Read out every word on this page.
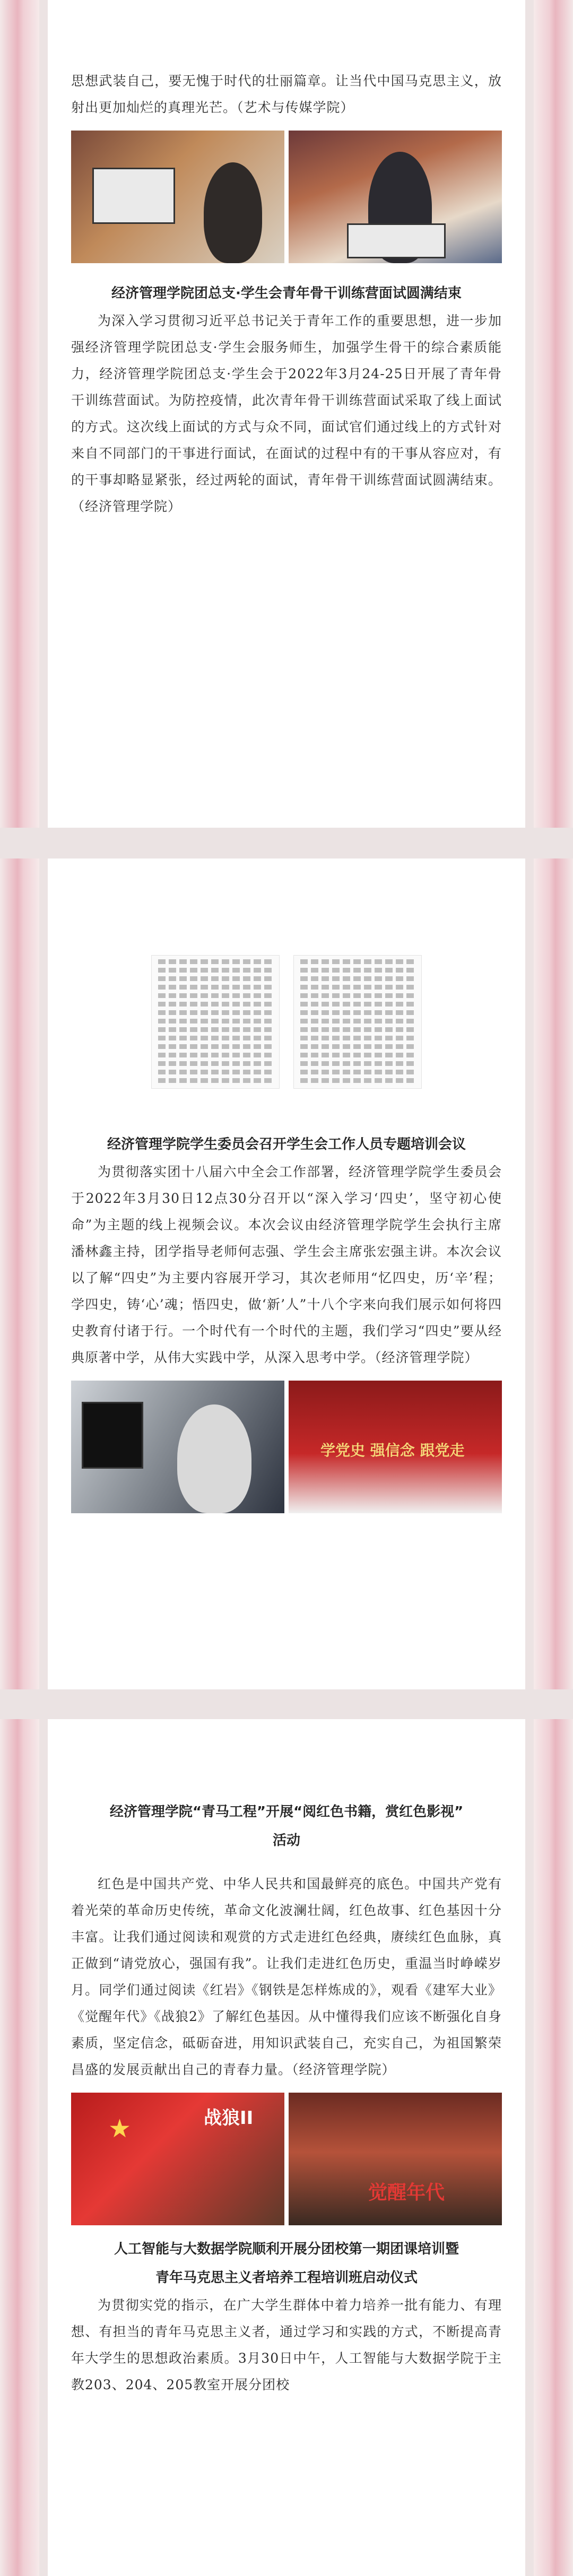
思想武装自己，要无愧于时代的壮丽篇章。让当代中国马克思主义，放射出更加灿烂的真理光芒。（艺术与传媒学院）

经济管理学院团总支·学生会青年骨干训练营面试圆满结束

为深入学习贯彻习近平总书记关于青年工作的重要思想，进一步加强经济管理学院团总支·学生会服务师生，加强学生骨干的综合素质能力，经济管理学院团总支·学生会于2022年3月24-25日开展了青年骨干训练营面试。为防控疫情，此次青年骨干训练营面试采取了线上面试的方式。这次线上面试的方式与众不同，面试官们通过线上的方式针对来自不同部门的干事进行面试，在面试的过程中有的干事从容应对，有的干事却略显紧张，经过两轮的面试，青年骨干训练营面试圆满结束。（经济管理学院）

经济管理学院学生委员会召开学生会工作人员专题培训会议

为贯彻落实团十八届六中全会工作部署，经济管理学院学生委员会于2022年3月30日12点30分召开以“深入学习‘四史’，坚守初心使命”为主题的线上视频会议。本次会议由经济管理学院学生会执行主席潘林鑫主持，团学指导老师何志强、学生会主席张宏强主讲。本次会议以了解“四史”为主要内容展开学习，其次老师用“忆四史，历‘辛’程；学四史，铸‘心’魂；悟四史，做‘新’人”十八个字来向我们展示如何将四史教育付诸于行。一个时代有一个时代的主题，我们学习“四史”要从经典原著中学，从伟大实践中学，从深入思考中学。（经济管理学院）

学党史 强信念 跟党走

经济管理学院“青马工程”开展“阅红色书籍，赏红色影视”

活动

红色是中国共产党、中华人民共和国最鲜亮的底色。中国共产党有着光荣的革命历史传统，革命文化波澜壮阔，红色故事、红色基因十分丰富。让我们通过阅读和观赏的方式走进红色经典，赓续红色血脉，真正做到“请党放心，强国有我”。让我们走进红色历史，重温当时峥嵘岁月。同学们通过阅读《红岩》《钢铁是怎样炼成的》，观看《建军大业》《觉醒年代》《战狼2》了解红色基因。从中懂得我们应该不断强化自身素质，坚定信念，砥砺奋进，用知识武装自己，充实自己，为祖国繁荣昌盛的发展贡献出自己的青春力量。（经济管理学院）

战狼II
★
觉醒年代

人工智能与大数据学院顺利开展分团校第一期团课培训暨

青年马克思主义者培养工程培训班启动仪式

为贯彻实党的指示，在广大学生群体中着力培养一批有能力、有理想、有担当的青年马克思主义者，通过学习和实践的方式，不断提高青年大学生的思想政治素质。3月30日中午，人工智能与大数据学院于主教203、204、205教室开展分团校
